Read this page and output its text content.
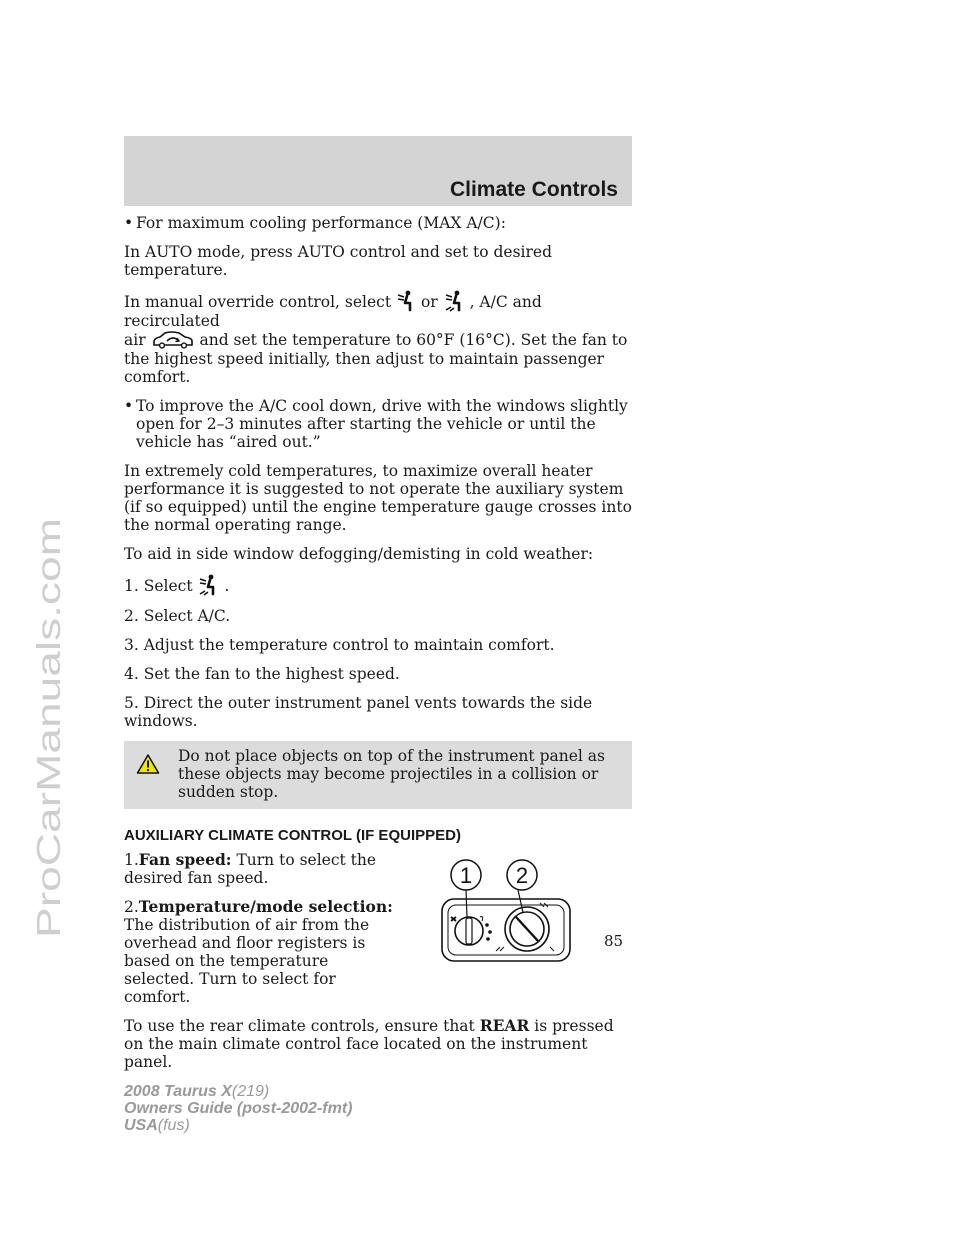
Climate Controls
• For maximum cooling performance (MAX A/C):

In AUTO mode, press AUTO control and set to desired temperature.

In manual override control, select or , A/C and recirculated
air	and set the temperature to 60°F (16°C). Set the fan to the highest speed initially, then adjust to maintain passenger comfort.

• To improve the A/C cool down, drive with the windows slightly open for 2–3 minutes after starting the vehicle or until the vehicle has “aired out.”

In extremely cold temperatures, to maximize overall heater performance it is suggested to not operate the auxiliary system (if so equipped) until the engine temperature gauge crosses into the normal operating range.

To aid in side window defogging/demisting in cold weather:

1. Select .

2. Select A/C.

3. Adjust the temperature control to maintain comfort.

4. Set the fan to the highest speed.

5. Direct the outer instrument panel vents towards the side windows.

Do not place objects on top of the instrument panel as these objects may become projectiles in a collision or sudden stop.
AUXILIARY CLIMATE CONTROL (IF EQUIPPED)
1 2

1.Fan speed: Turn to select the desired fan speed.

2.Temperature/mode selection:
The distribution of air from the overhead and floor registers is based on the temperature selected. Turn to select for comfort.

To use the rear climate controls, ensure that REAR is pressed on the main climate control face located on the instrument panel.

85
2008 Taurus X(219)
Owners Guide (post-2002-fmt)
USA(fus)
ProCarManuals.com
